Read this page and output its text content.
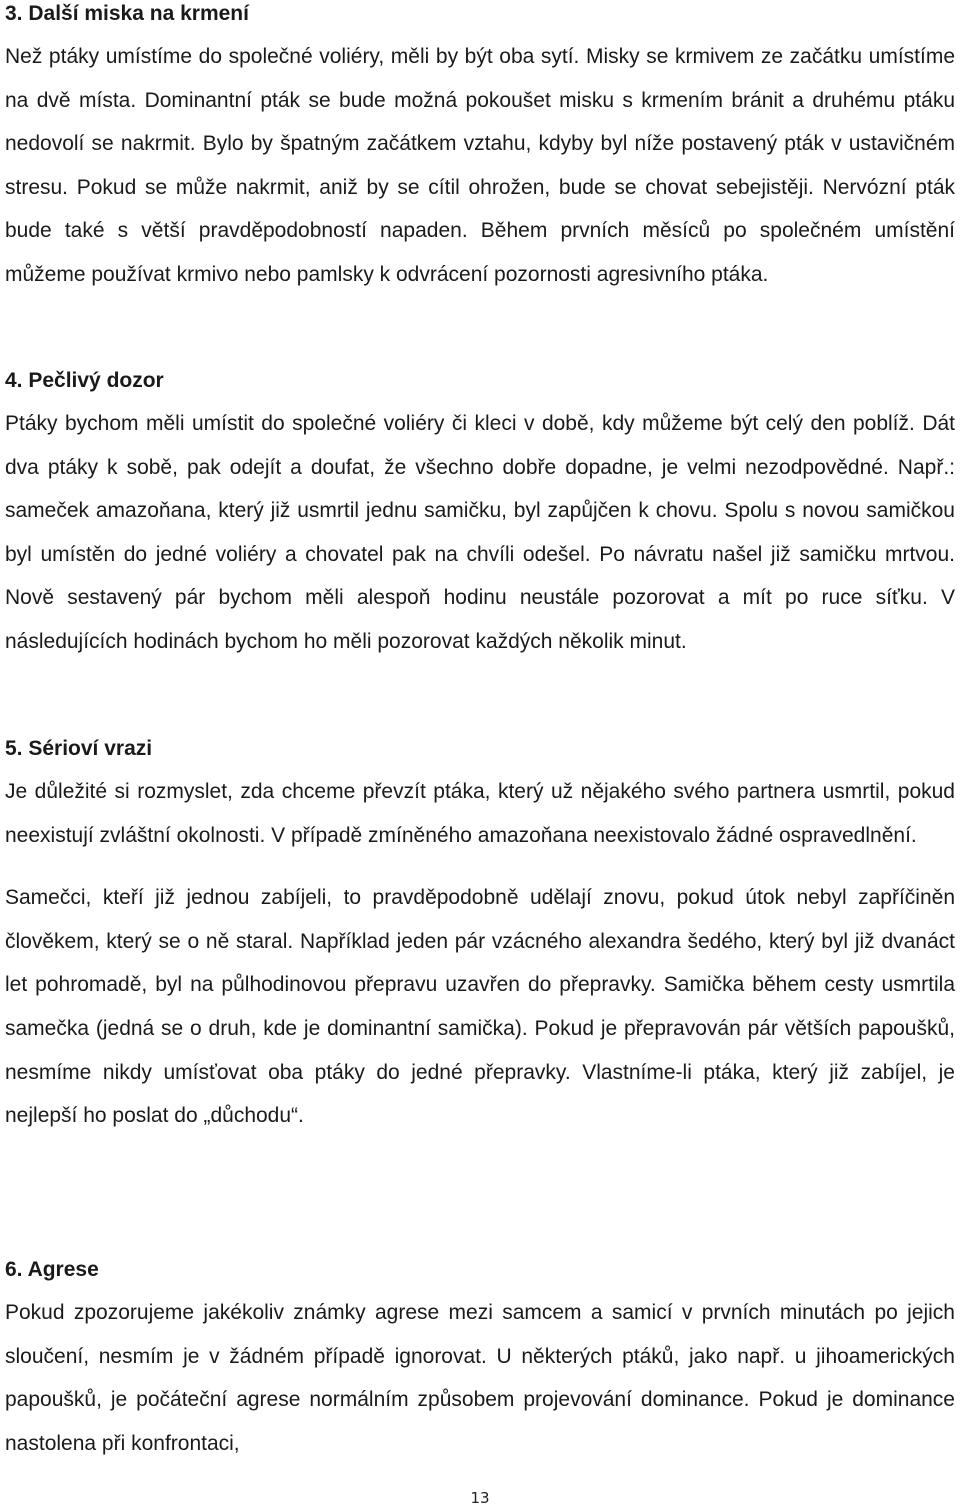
3. Další miska na krmení

Než ptáky umístíme do společné voliéry, měli by být oba sytí. Misky se krmivem ze začátku umístíme na dvě místa. Dominantní pták se bude možná pokoušet misku s krmením bránit a druhému ptáku nedovolí se nakrmit. Bylo by špatným začátkem vztahu, kdyby byl níže postavený pták v ustavičném stresu. Pokud se může nakrmit, aniž by se cítil ohrožen, bude se chovat sebejistěji. Nervózní pták bude také s větší pravděpodobností napaden. Během prvních měsíců po společném umístění můžeme používat krmivo nebo pamlsky k odvrácení pozornosti agresivního ptáka.

4. Pečlivý dozor

Ptáky bychom měli umístit do společné voliéry či kleci v době, kdy můžeme být celý den poblíž. Dát dva ptáky k sobě, pak odejít a doufat, že všechno dobře dopadne, je velmi nezodpovědné. Např.: sameček amazoňana, který již usmrtil jednu samičku, byl zapůjčen k chovu. Spolu s novou samičkou byl umístěn do jedné voliéry a chovatel pak na chvíli odešel. Po návratu našel již samičku mrtvou. Nově sestavený pár bychom měli alespoň hodinu neustále pozorovat a mít po ruce síťku. V následujících hodinách bychom ho měli pozorovat každých několik minut.

5. Sérioví vrazi

Je důležité si rozmyslet, zda chceme převzít ptáka, který už nějakého svého partnera usmrtil, pokud neexistují zvláštní okolnosti. V případě zmíněného amazoňana neexistovalo žádné ospravedlnění.

Samečci, kteří již jednou zabíjeli, to pravděpodobně udělají znovu, pokud útok nebyl zapříčiněn člověkem, který se o ně staral. Například jeden pár vzácného alexandra šedého, který byl již dvanáct let pohromadě, byl na půlhodinovou přepravu uzavřen do přepravky. Samička během cesty usmrtila samečka (jedná se o druh, kde je dominantní samička). Pokud je přepravován pár větších papoušků, nesmíme nikdy umísťovat oba ptáky do jedné přepravky. Vlastníme-li ptáka, který již zabíjel, je nejlepší ho poslat do „důchodu“.

6. Agrese

Pokud zpozorujeme jakékoliv známky agrese mezi samcem a samicí v prvních minutách po jejich sloučení, nesmím je v žádném případě ignorovat. U některých ptáků, jako např. u jihoamerických papoušků, je počáteční agrese normálním způsobem projevování dominance. Pokud je dominance nastolena při konfrontaci,

13
